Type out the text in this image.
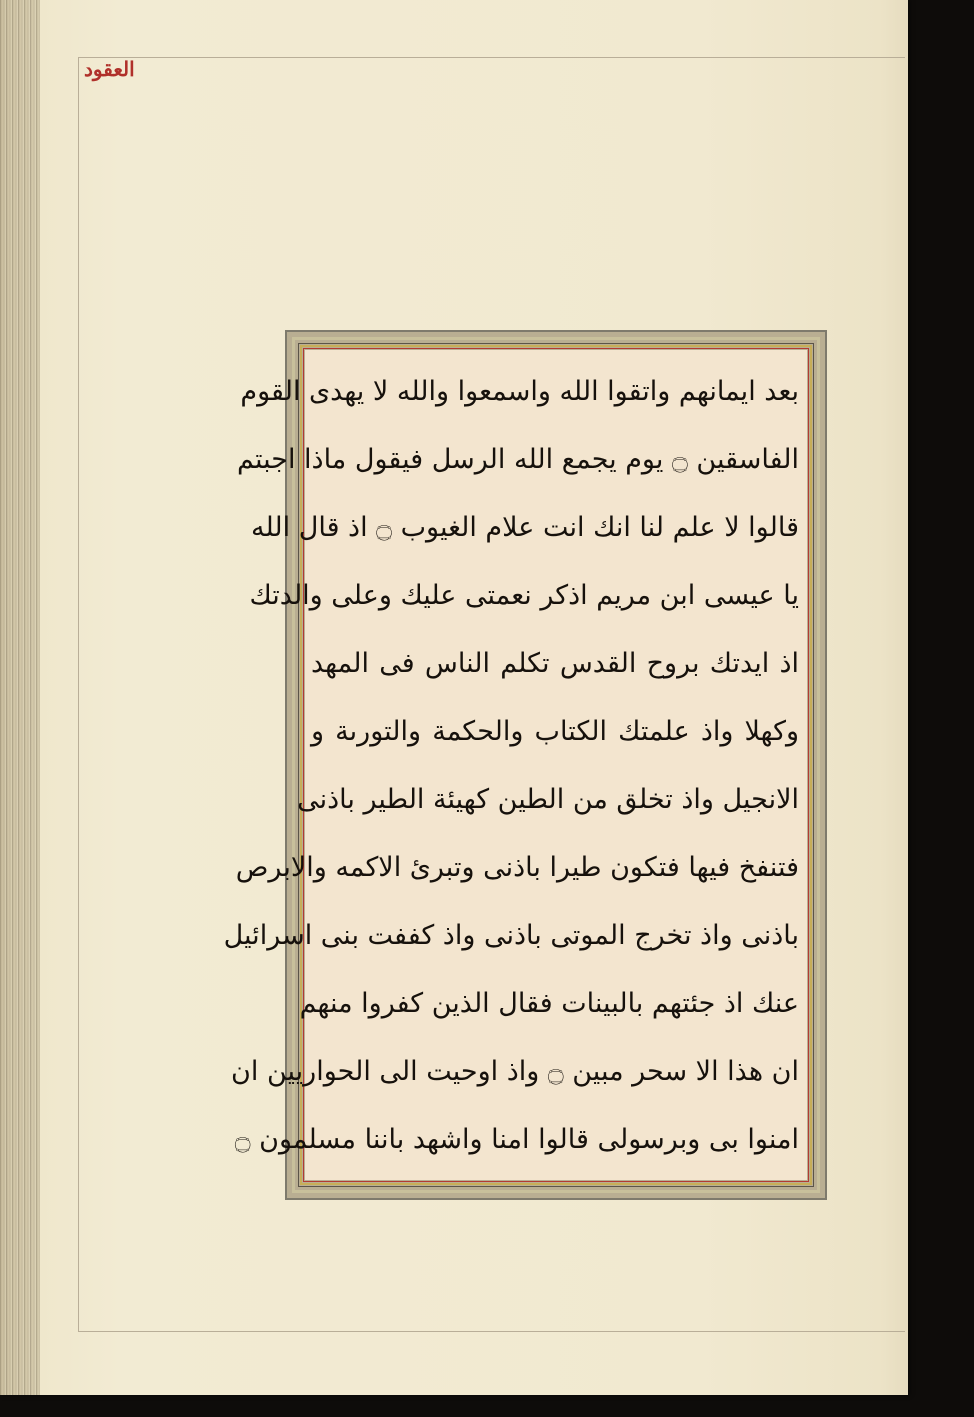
العقود
بعد ايمانهم واتقوا الله واسمعوا والله لا يهدى القوم
الفاسقين ۝ يوم يجمع الله الرسل فيقول ماذا اجبتم
قالوا لا علم لنا انك انت علام الغيوب ۝ اذ قال الله
يا عيسى ابن مريم اذكر نعمتى عليك وعلى والدتك
اذ ايدتك بروح القدس تكلم الناس فى المهد
وكهلا واذ علمتك الكتاب والحكمة والتورىة و
الانجيل واذ تخلق من الطين كهيئة الطير باذنى
فتنفخ فيها فتكون طيرا باذنى وتبرئ الاكمه والابرص
باذنى واذ تخرج الموتى باذنى واذ كففت بنى اسرائيل
عنك اذ جئتهم بالبينات فقال الذين كفروا منهم
ان هذا الا سحر مبين ۝ واذ اوحيت الى الحواريين ان
امنوا بى وبرسولى قالوا امنا واشهد باننا مسلمون ۝
